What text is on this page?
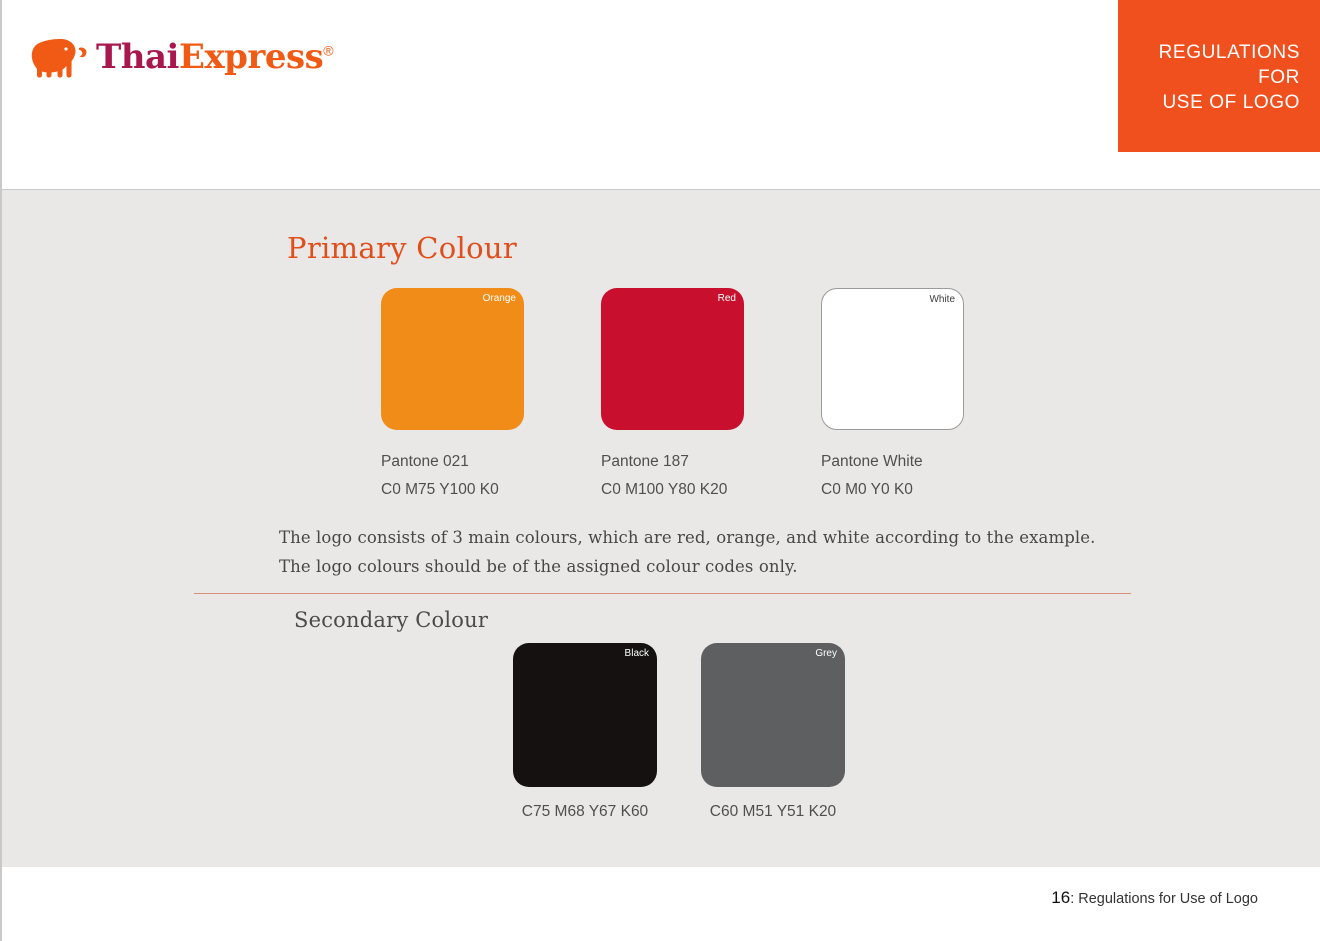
ThaiExpress®	REGULATIONS
FOR
USE OF LOGO
Primary Colour
Orange
Pantone 021
C0 M75 Y100 K0
Red
Pantone 187
C0 M100 Y80 K20
White
Pantone White
C0 M0 Y0 K0
The logo consists of 3 main colours, which are red, orange, and white according to the example.
The logo colours should be of the assigned colour codes only.
Secondary Colour
Black
C75 M68 Y67 K60
Grey
C60 M51 Y51 K20
16: Regulations for Use of Logo
